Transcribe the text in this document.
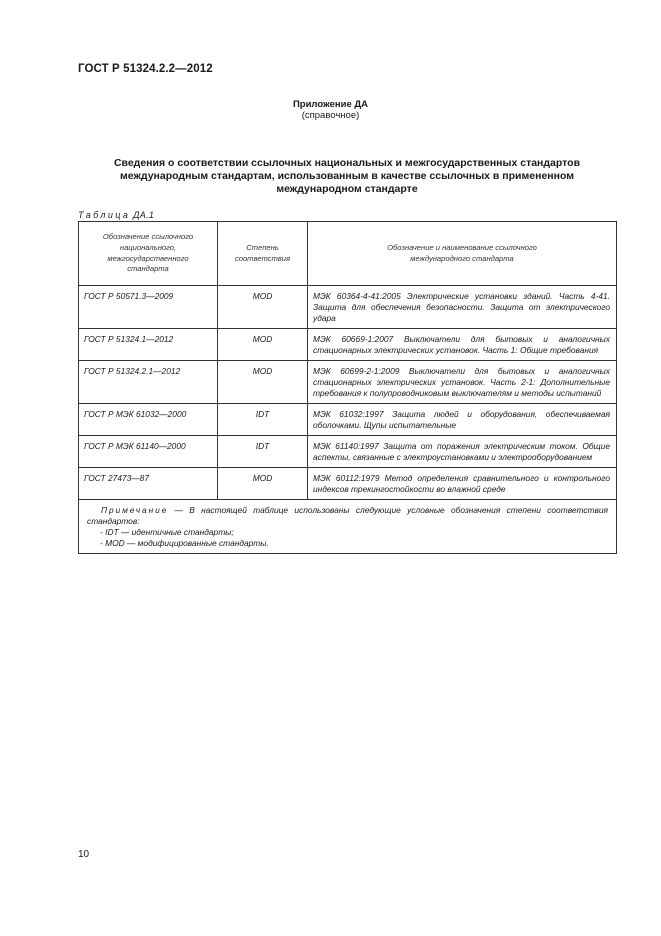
ГОСТ Р 51324.2.2—2012
Приложение ДА
(справочное)
Сведения о соответствии ссылочных национальных и межгосударственных стандартов
международным стандартам, использованным в качестве ссылочных в примененном
международном стандарте
Таблица ДА.1
Обозначение ссылочного национального, межгосударственного стандарта	Степень соответствия	Обозначение и наименование ссылочного международного стандарта
ГОСТ Р 50571.3—2009	MOD	МЭК 60364-4-41:2005 Электрические установки зданий. Часть 4-41. Защита для обеспечения безопасности. Защита от электрического удара
ГОСТ Р 51324.1—2012	MOD	МЭК 60669-1:2007 Выключатели для бытовых и аналогичных стационарных электрических установок. Часть 1: Общие требования
ГОСТ Р 51324.2.1—2012	MOD	МЭК 60699-2-1:2009 Выключатели для бытовых и аналогичных стационарных электрических установок. Часть 2-1: Дополнительные требования к полупроводниковым выключателям и методы испытаний
ГОСТ Р МЭК 61032—2000	IDT	МЭК 61032:1997 Защита людей и оборудования, обеспечиваемая оболочками. Щупы испытательные
ГОСТ Р МЭК 61140—2000	IDT	МЭК 61140:1997 Защита от поражения электрическим током. Общие аспекты, связанные с электроустановками и электрооборудованием
ГОСТ 27473—87	MOD	МЭК 60112:1979 Метод определения сравнительного и контрольного индексов трекингостойкости во влажной среде

Примечание — В настоящей таблице использованы следующие условные обозначения степени соответствия стандартов:
- IDT — идентичные стандарты;
- MOD — модифицированные стандарты.		
10
